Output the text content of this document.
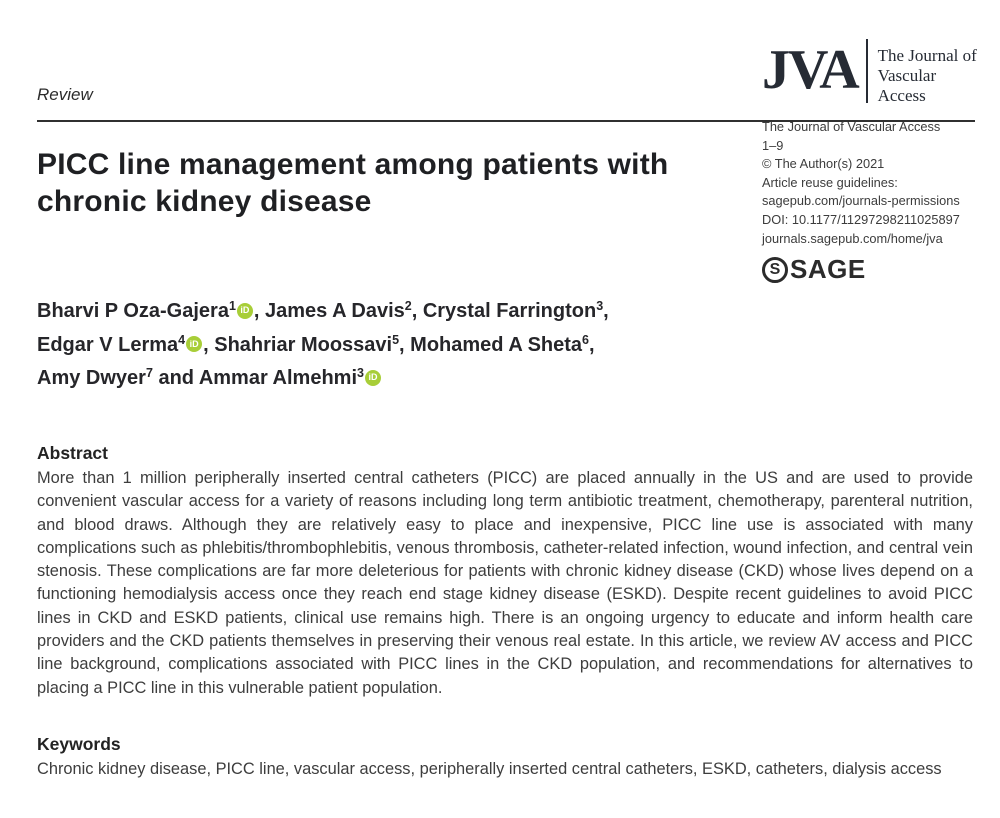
Review
PICC line management among patients with chronic kidney disease
JVA The Journal of
Vascular Access
The Journal of Vascular Access
1–9
© The Author(s) 2021
Article reuse guidelines:
sagepub.com/journals-permissions
DOI: 10.1177/11297298211025897
journals.sagepub.com/home/jva
S SAGE
Bharvi P Oza-Gajera$^1$ iD , James A Davis$^2$, Crystal Farrington$^3$,
Edgar V Lerma$^4$ iD , Shahriar Moossavi$^5$, Mohamed A Sheta$^6$,
Amy Dwyer$^7$ and Ammar Almehmi$^3$ iD
Abstract

More than 1 million peripherally inserted central catheters (PICC) are placed annually in the US and are used to provide convenient vascular access for a variety of reasons including long term antibiotic treatment, chemotherapy, parenteral nutrition, and blood draws. Although they are relatively easy to place and inexpensive, PICC line use is associated with many complications such as phlebitis/thrombophlebitis, venous thrombosis, catheter-related infection, wound infection, and central vein stenosis. These complications are far more deleterious for patients with chronic kidney disease (CKD) whose lives depend on a functioning hemodialysis access once they reach end stage kidney disease (ESKD). Despite recent guidelines to avoid PICC lines in CKD and ESKD patients, clinical use remains high. There is an ongoing urgency to educate and inform health care providers and the CKD patients themselves in preserving their venous real estate. In this article, we review AV access and PICC line background, complications associated with PICC lines in the CKD population, and recommendations for alternatives to placing a PICC line in this vulnerable patient population.

Keywords

Chronic kidney disease, PICC line, vascular access, peripherally inserted central catheters, ESKD, catheters, dialysis access
